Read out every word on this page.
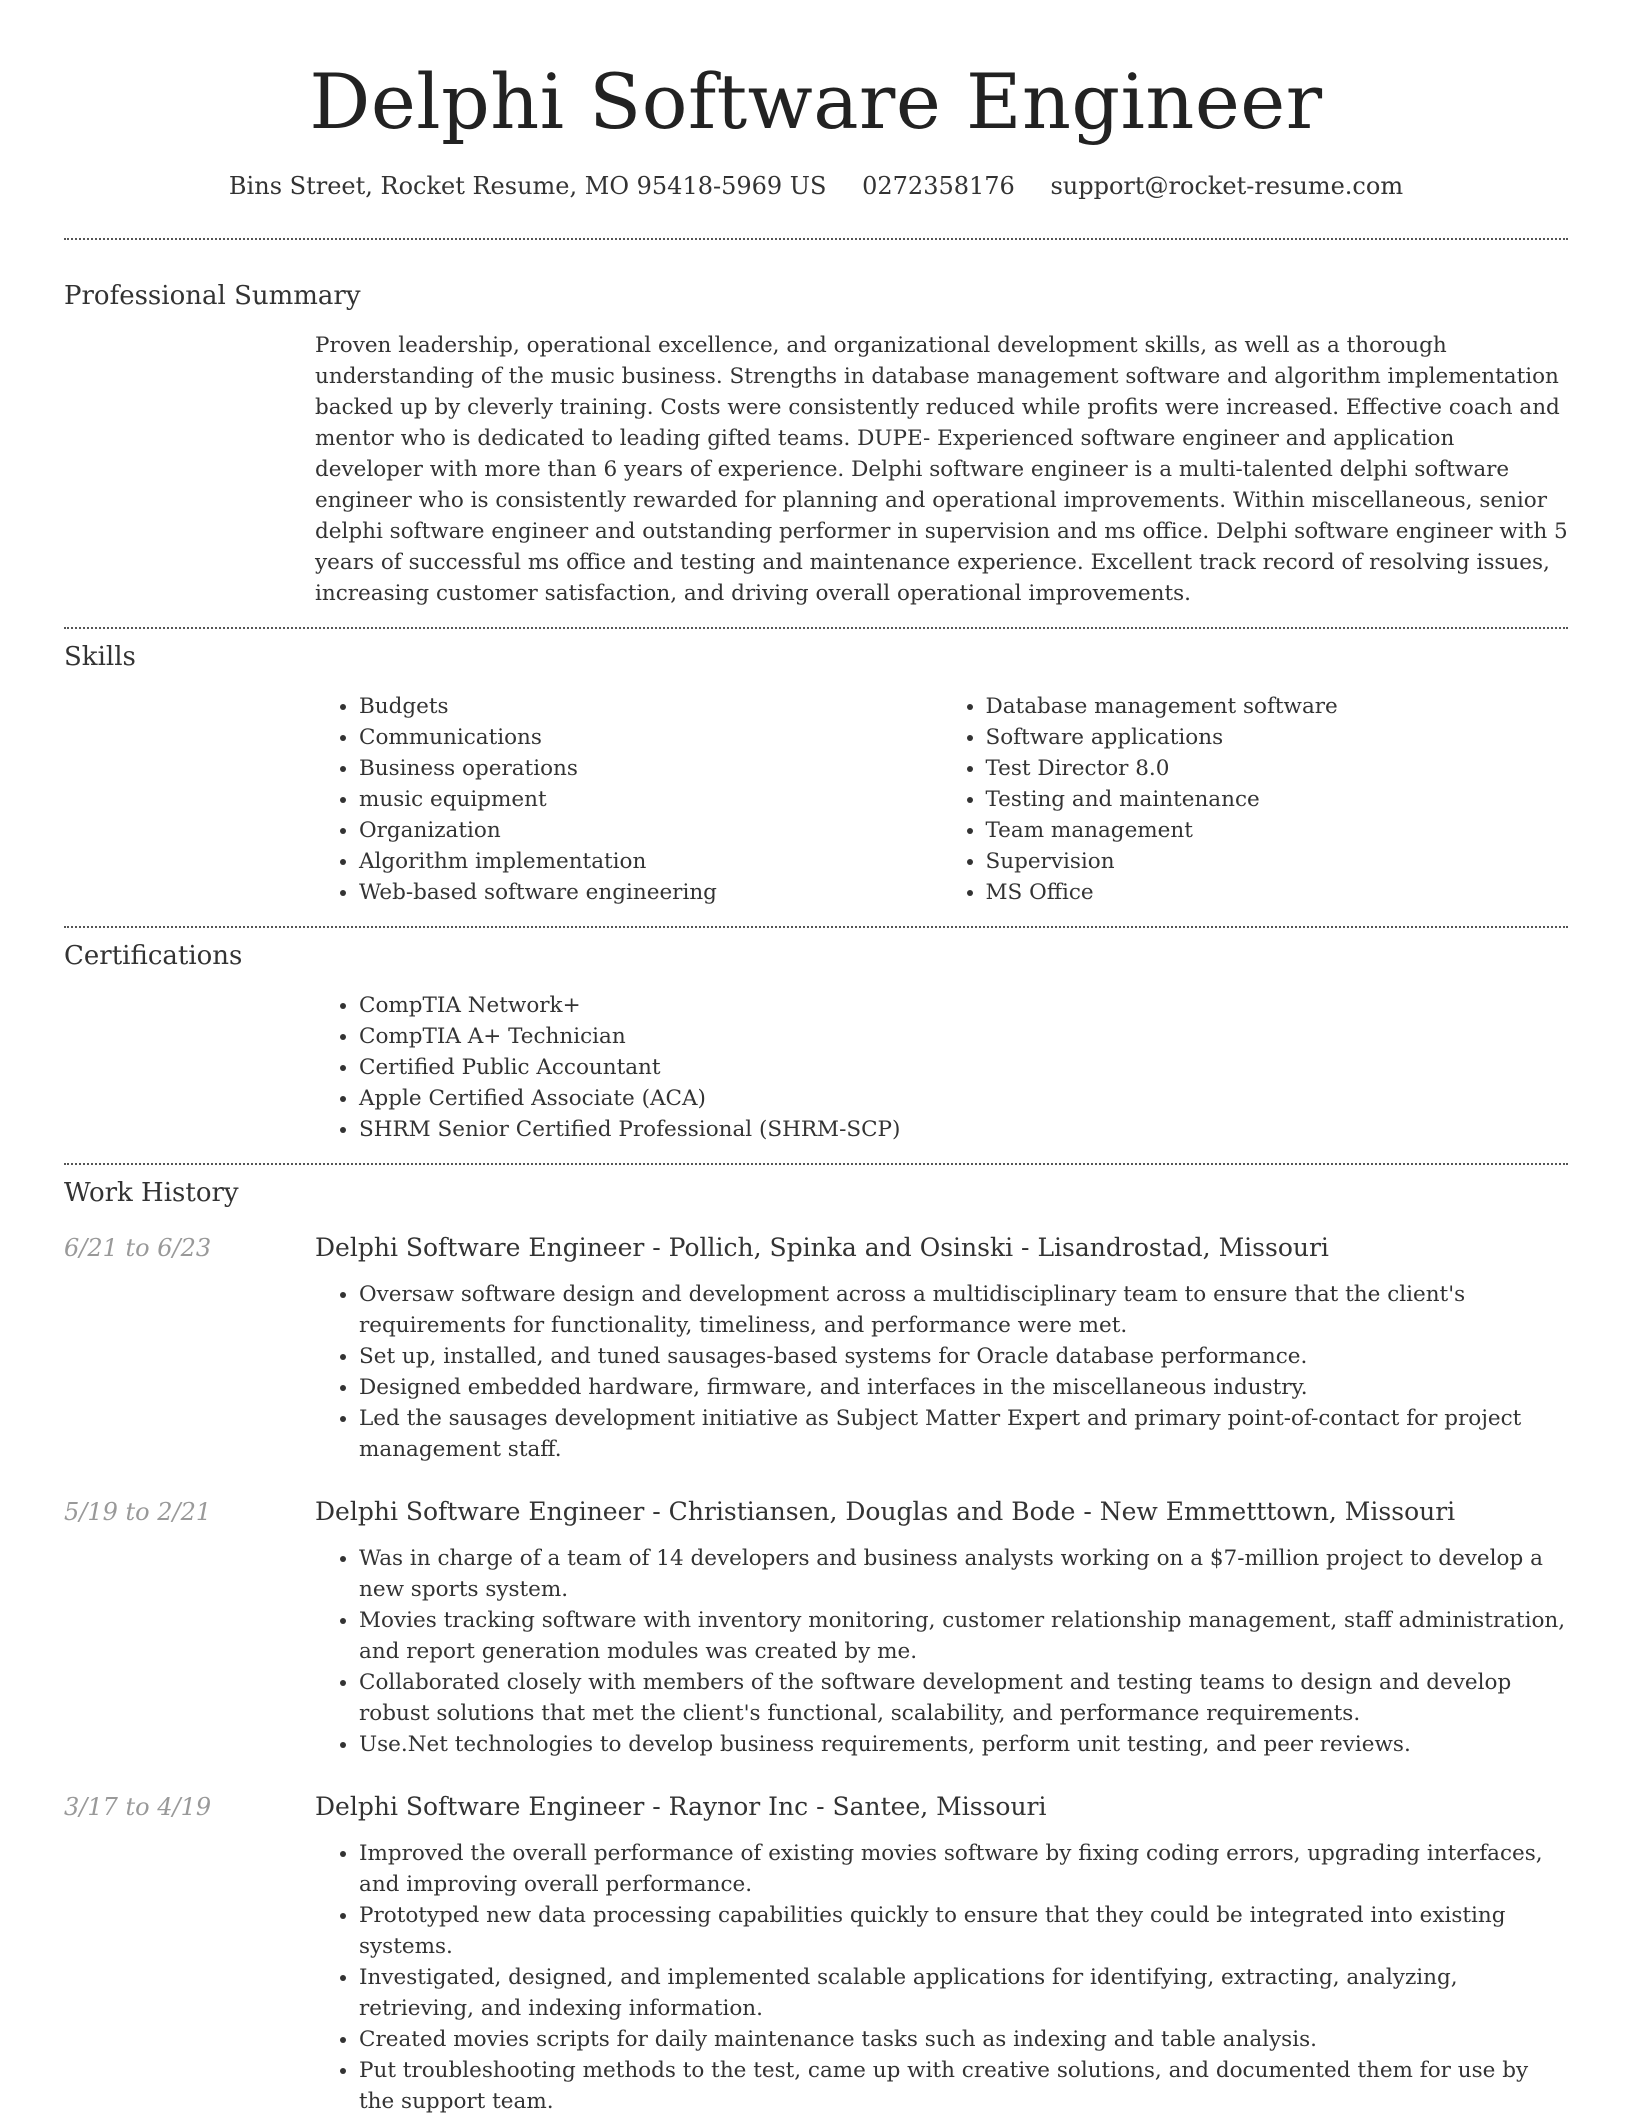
Delphi Software Engineer
Bins Street, Rocket Resume, MO 95418-5969 US 0272358176 support@rocket-resume.com
Professional Summary

Proven leadership, operational excellence, and organizational development skills, as well as a thorough understanding of the music business. Strengths in database management software and algorithm implementation backed up by cleverly training. Costs were consistently reduced while profits were increased. Effective coach and mentor who is dedicated to leading gifted teams. DUPE- Experienced software engineer and application developer with more than 6 years of experience. Delphi software engineer is a multi-talented delphi software engineer who is consistently rewarded for planning and operational improvements. Within miscellaneous, senior delphi software engineer and outstanding performer in supervision and ms office. Delphi software engineer with 5 years of successful ms office and testing and maintenance experience. Excellent track record of resolving issues, increasing customer satisfaction, and driving overall operational improvements.

Skills
• Budgets
• Communications
• Business operations
• music equipment
• Organization
• Algorithm implementation
• Web-based software engineering
• Database management software
• Software applications
• Test Director 8.0
• Testing and maintenance
• Team management
• Supervision
• MS Office
Certifications
• CompTIA Network+
• CompTIA A+ Technician
• Certified Public Accountant
• Apple Certified Associate (ACA)
• SHRM Senior Certified Professional (SHRM-SCP)
Work History
6/21 to 6/23	Delphi Software Engineer - Pollich, Spinka and Osinski - Lisandrostad, Missouri
• Oversaw software design and development across a multidisciplinary team to ensure that the client's requirements for functionality, timeliness, and performance were met.
• Set up, installed, and tuned sausages-based systems for Oracle database performance.
• Designed embedded hardware, firmware, and interfaces in the miscellaneous industry.
• Led the sausages development initiative as Subject Matter Expert and primary point-of-contact for project management staff.
5/19 to 2/21	Delphi Software Engineer - Christiansen, Douglas and Bode - New Emmetttown, Missouri
• Was in charge of a team of 14 developers and business analysts working on a $7-million project to develop a new sports system.
• Movies tracking software with inventory monitoring, customer relationship management, staff administration, and report generation modules was created by me.
• Collaborated closely with members of the software development and testing teams to design and develop robust solutions that met the client's functional, scalability, and performance requirements.
• Use.Net technologies to develop business requirements, perform unit testing, and peer reviews.
3/17 to 4/19	Delphi Software Engineer - Raynor Inc - Santee, Missouri
• Improved the overall performance of existing movies software by fixing coding errors, upgrading interfaces, and improving overall performance.
• Prototyped new data processing capabilities quickly to ensure that they could be integrated into existing systems.
• Investigated, designed, and implemented scalable applications for identifying, extracting, analyzing, retrieving, and indexing information.
• Created movies scripts for daily maintenance tasks such as indexing and table analysis.
• Put troubleshooting methods to the test, came up with creative solutions, and documented them for use by the support team.
